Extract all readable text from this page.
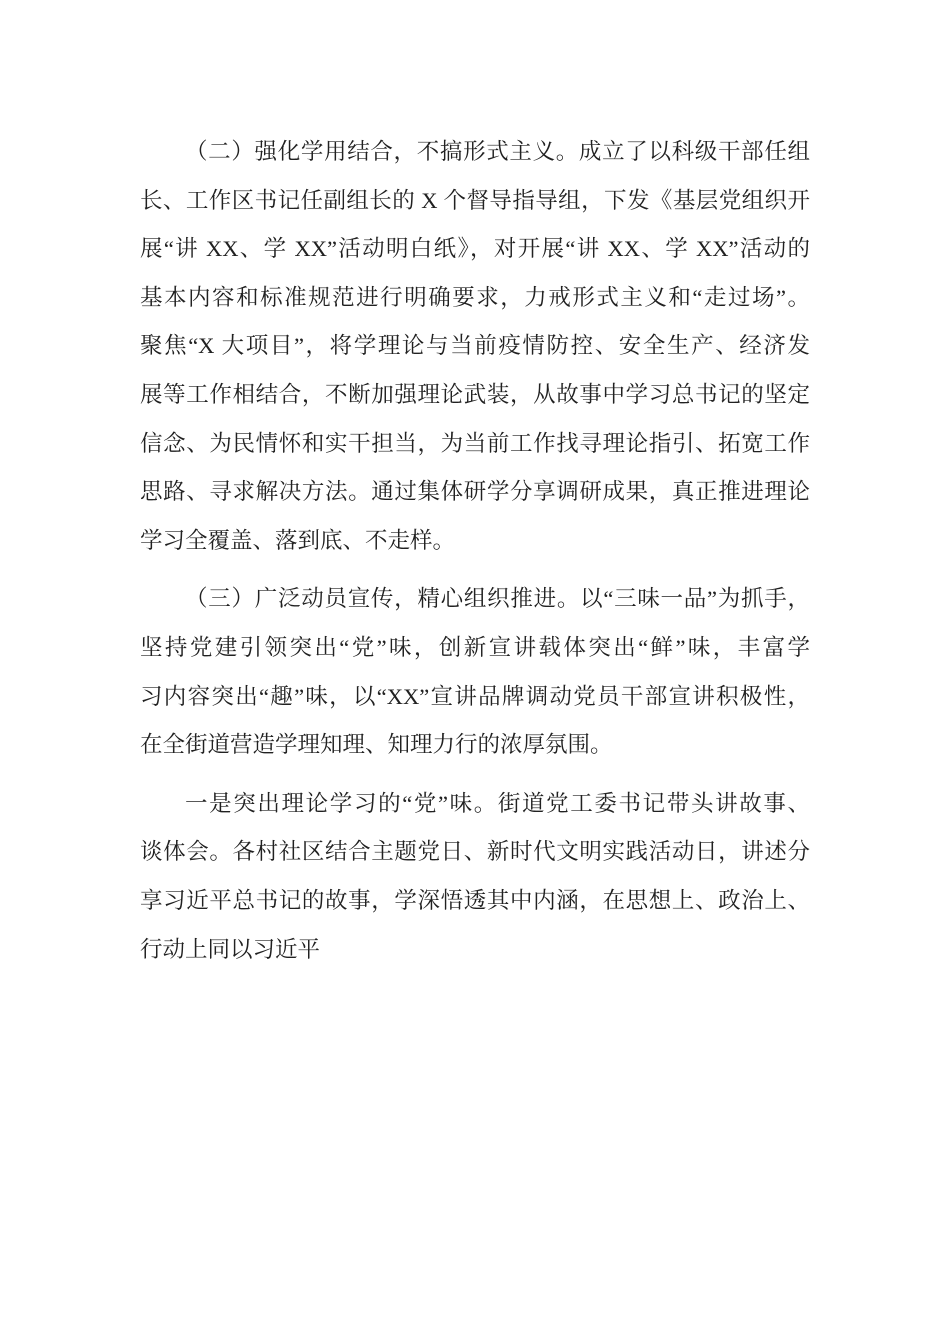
（二）强化学用结合，不搞形式主义。成立了以科级干部任组
长、工作区书记任副组长的 X 个督导指导组，下发《基层党组织开
展“讲 XX、学 XX”活动明白纸》，对开展“讲 XX、学 XX”活动的
基本内容和标准规范进行明确要求，力戒形式主义和“走过场”。
聚焦“X 大项目”，将学理论与当前疫情防控、安全生产、经济发
展等工作相结合，不断加强理论武装，从故事中学习总书记的坚定
信念、为民情怀和实干担当，为当前工作找寻理论指引、拓宽工作
思路、寻求解决方法。通过集体研学分享调研成果，真正推进理论
学习全覆盖、落到底、不走样。
（三）广泛动员宣传，精心组织推进。以“三味一品”为抓手，
坚持党建引领突出“党”味，创新宣讲载体突出“鲜”味，丰富学
习内容突出“趣”味，以“XX”宣讲品牌调动党员干部宣讲积极性，
在全街道营造学理知理、知理力行的浓厚氛围。
一是突出理论学习的“党”味。街道党工委书记带头讲故事、
谈体会。各村社区结合主题党日、新时代文明实践活动日，讲述分
享习近平总书记的故事，学深悟透其中内涵，在思想上、政治上、
行动上同以习近平
